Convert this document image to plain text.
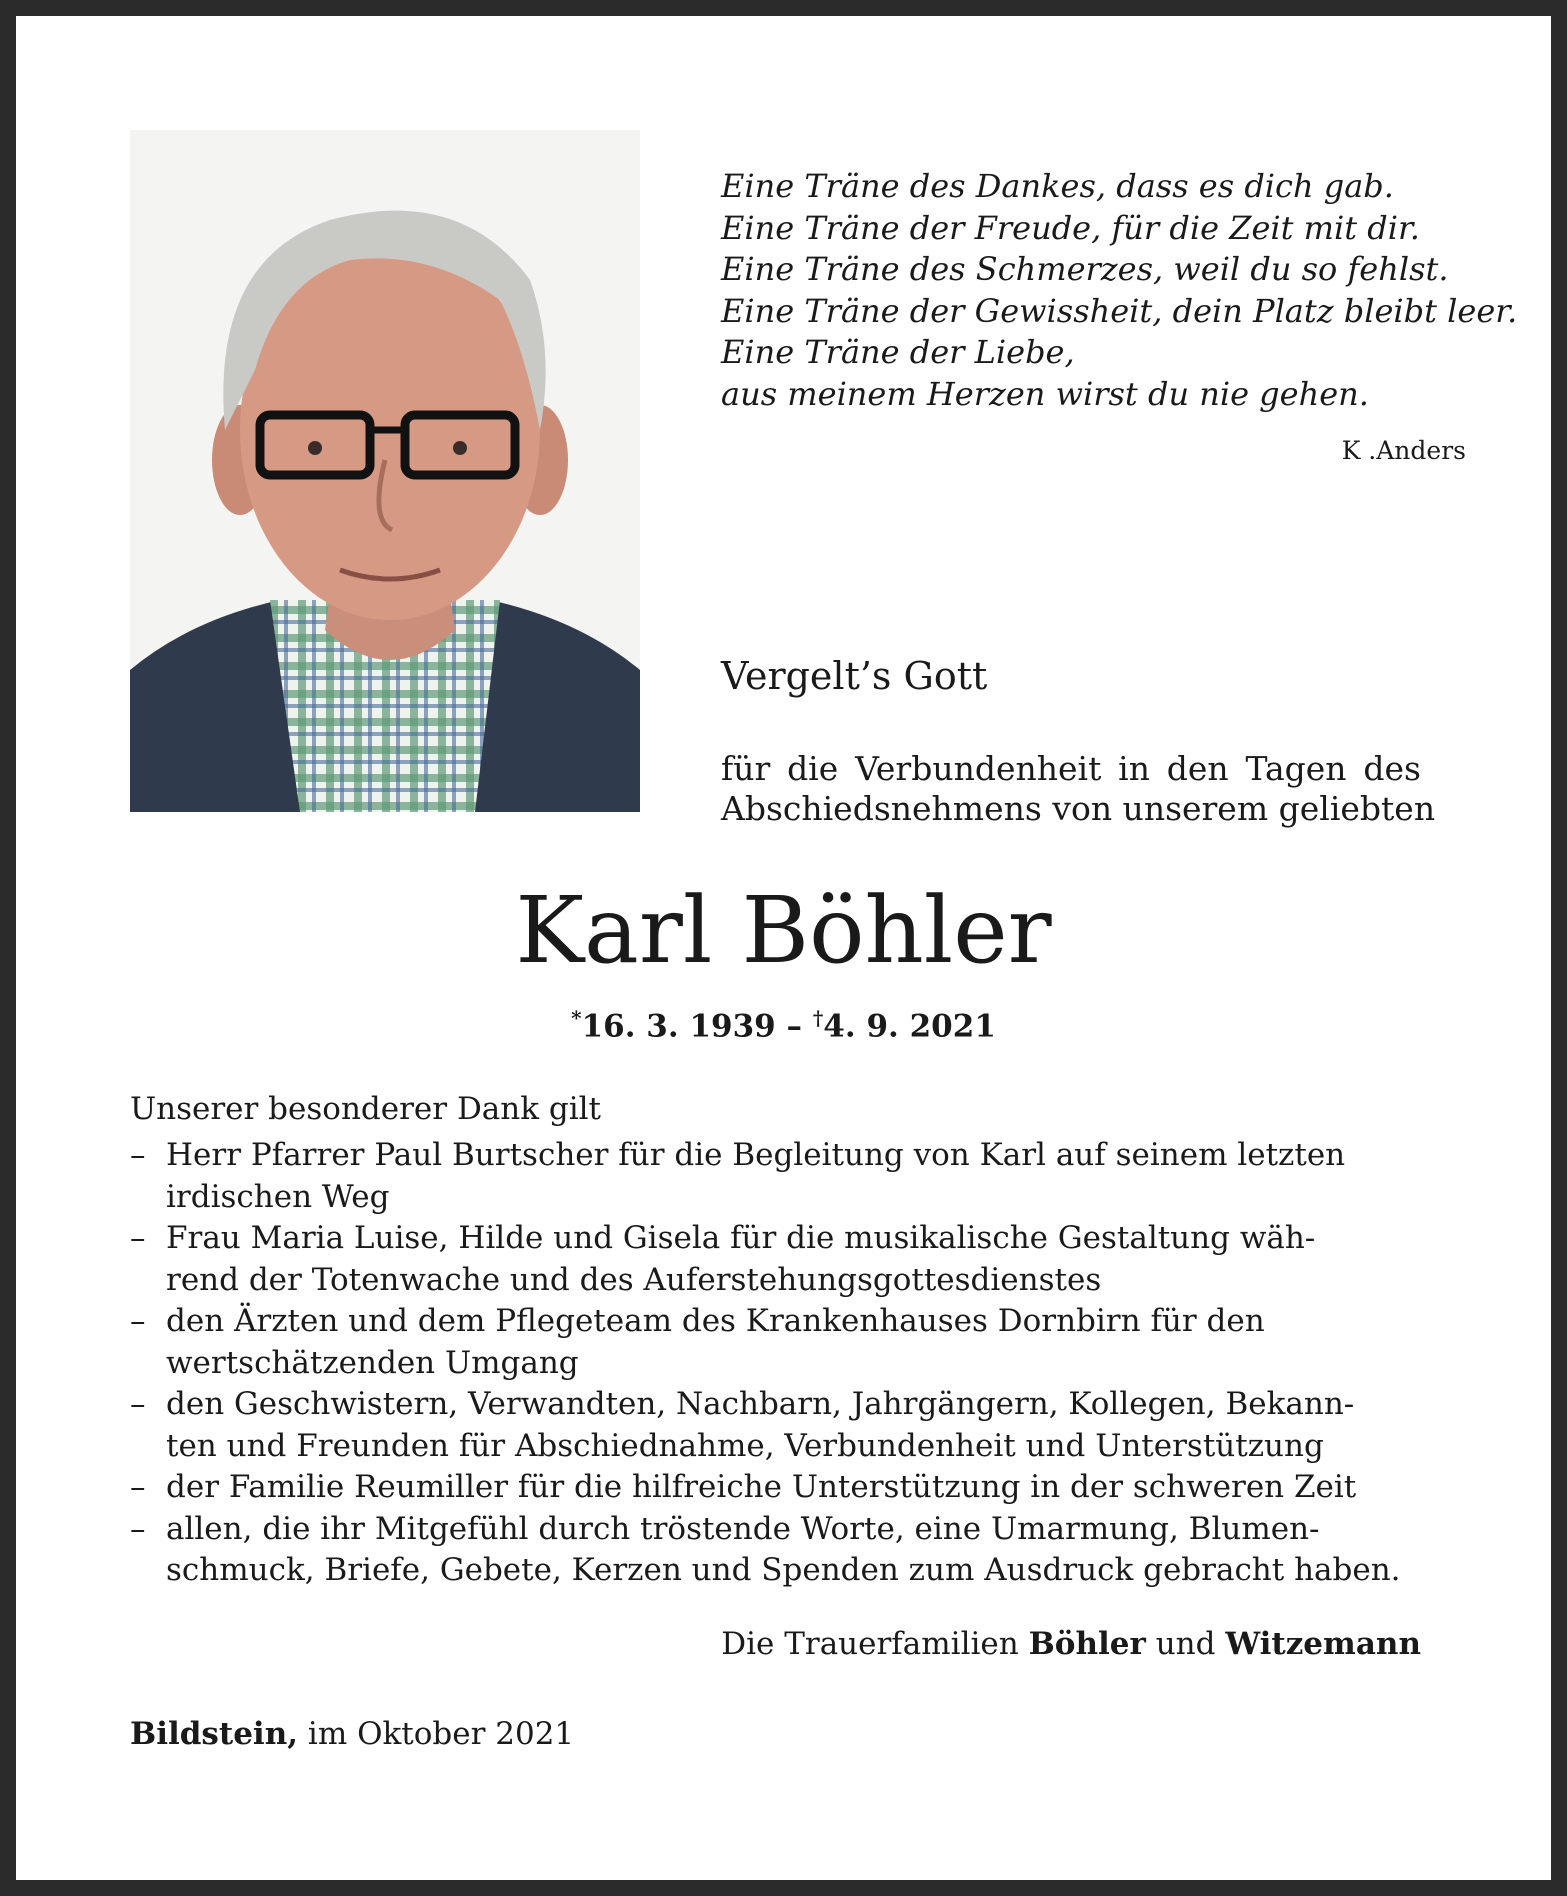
Eine Träne des Dankes, dass es dich gab.
Eine Träne der Freude, für die Zeit mit dir.
Eine Träne des Schmerzes, weil du so fehlst.
Eine Träne der Gewissheit, dein Platz bleibt leer.
Eine Träne der Liebe,
aus meinem Herzen wirst du nie gehen.
K .Anders
Vergelt’s Gott
für die Verbundenheit in den Tagen des
Abschiedsnehmens von unserem geliebten
Karl Böhler
*16. 3. 1939 – †4. 9. 2021
Unserer besonderer Dank gilt
– Herr Pfarrer Paul Burtscher für die Begleitung von Karl auf seinem letzten
irdischen Weg
– Frau Maria Luise, Hilde und Gisela für die musikalische Gestaltung wäh-
rend der Totenwache und des Auferstehungsgottesdienstes
– den Ärzten und dem Pflegeteam des Krankenhauses Dornbirn für den
wertschätzenden Umgang
– den Geschwistern, Verwandten, Nachbarn, Jahrgängern, Kollegen, Bekann-
ten und Freunden für Abschiednahme, Verbundenheit und Unterstützung
– der Familie Reumiller für die hilfreiche Unterstützung in der schweren Zeit
– allen, die ihr Mitgefühl durch tröstende Worte, eine Umarmung, Blumen-
schmuck, Briefe, Gebete, Kerzen und Spenden zum Ausdruck gebracht haben.
Die Trauerfamilien Böhler und Witzemann
Bildstein, im Oktober 2021
